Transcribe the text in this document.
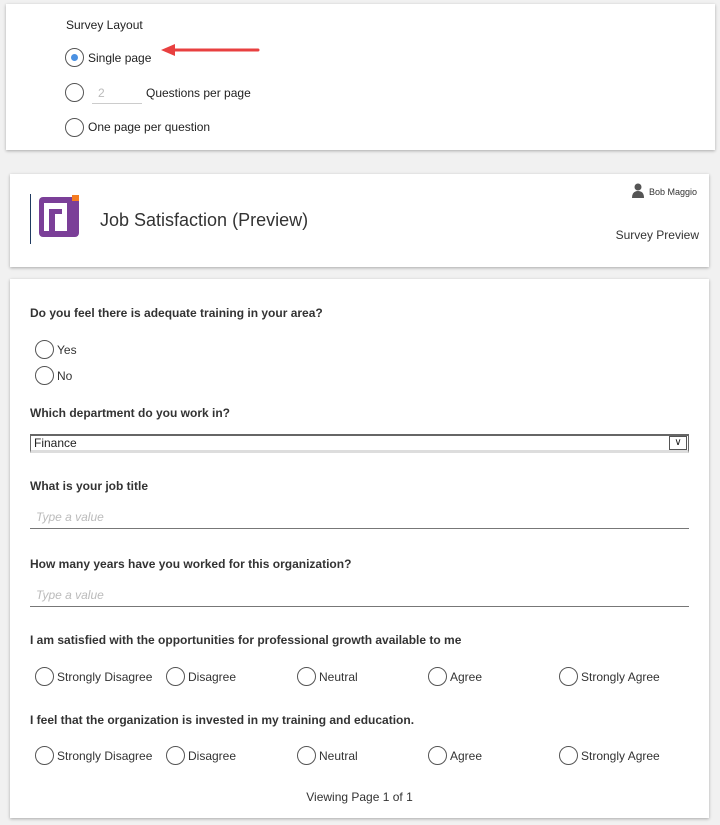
Survey Layout
Single page
2	Questions per page
One page per question
Job Satisfaction (Preview)
Bob Maggio
Survey Preview
Do you feel there is adequate training in your area?
Yes
No
Which department do you work in?
Finance	∨
What is your job title
Type a value
How many years have you worked for this organization?
Type a value
I am satisfied with the opportunities for professional growth available to me
Strongly Disagree	Disagree	Neutral	Agree	Strongly Agree
I feel that the organization is invested in my training and education.
Strongly Disagree	Disagree	Neutral	Agree	Strongly Agree
Viewing Page 1 of 1
